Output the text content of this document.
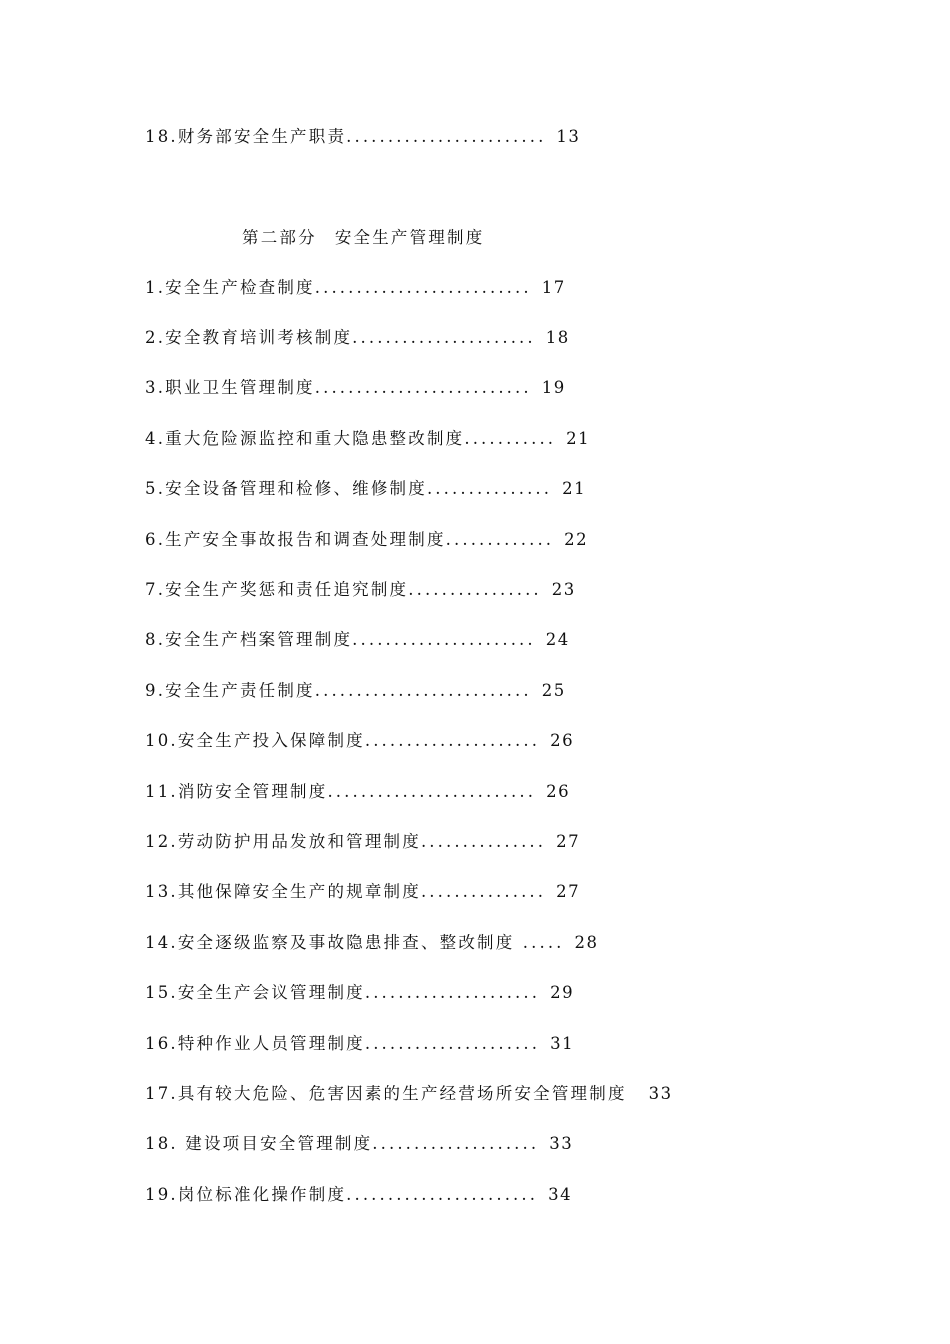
18.财务部安全生产职责........................ 13
第二部分 安全生产管理制度
1.安全生产检查制度.......................... 17
2.安全教育培训考核制度...................... 18
3.职业卫生管理制度.......................... 19
4.重大危险源监控和重大隐患整改制度........... 21
5.安全设备管理和检修、维修制度............... 21
6.生产安全事故报告和调查处理制度............. 22
7.安全生产奖惩和责任追究制度................ 23
8.安全生产档案管理制度...................... 24
9.安全生产责任制度.......................... 25
10.安全生产投入保障制度..................... 26
11.消防安全管理制度......................... 26
12.劳动防护用品发放和管理制度............... 27
13.其他保障安全生产的规章制度............... 27
14.安全逐级监察及事故隐患排查、整改制度 ..... 28
15.安全生产会议管理制度..................... 29
16.特种作业人员管理制度..................... 31
17.具有较大危险、危害因素的生产经营场所安全管理制度 33
18. 建设项目安全管理制度.................... 33
19.岗位标准化操作制度....................... 34
